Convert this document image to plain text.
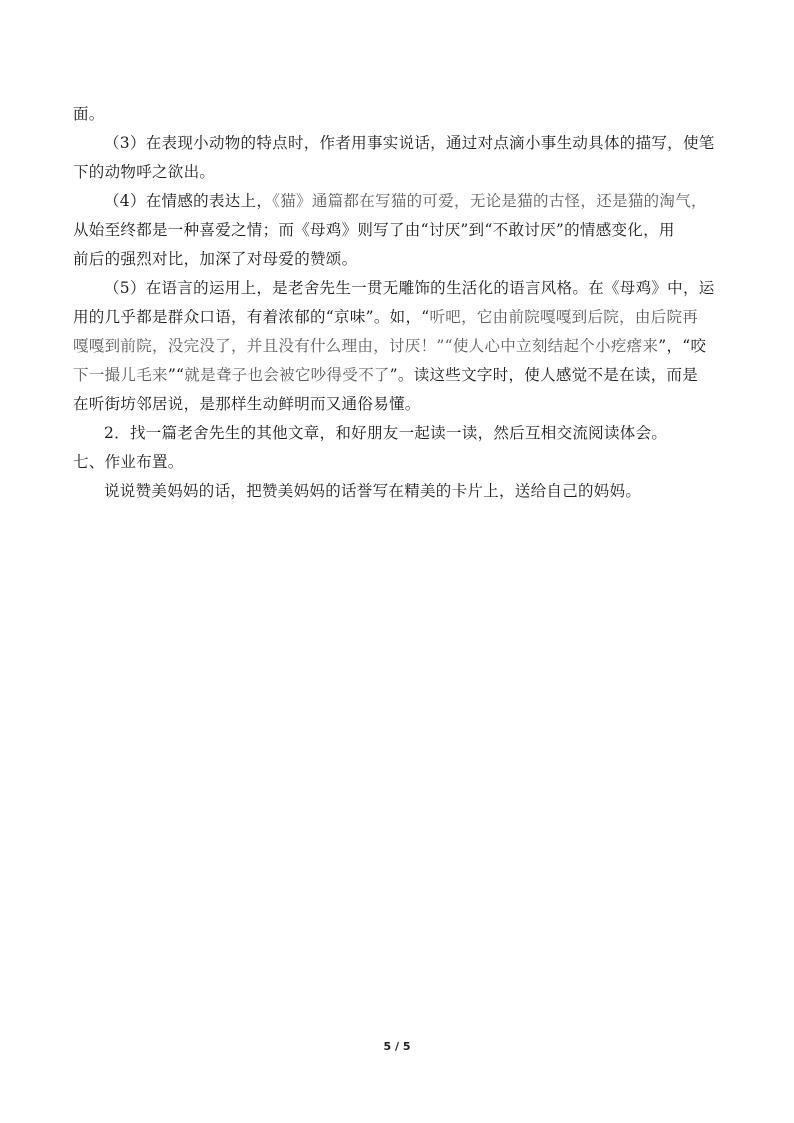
面。
（3）在表现小动物的特点时，作者用事实说话，通过对点滴小事生动具体的描写，使笔
下的动物呼之欲出。
（4）在情感的表达上，《猫》通篇都在写猫的可爱，无论是猫的古怪，还是猫的淘气，
从始至终都是一种喜爱之情；而《母鸡》则写了由“讨厌”到“不敢讨厌”的情感变化，用
前后的强烈对比，加深了对母爱的赞颂。
（5）在语言的运用上，是老舍先生一贯无雕饰的生活化的语言风格。在《母鸡》中，运
用的几乎都是群众口语，有着浓郁的“京味”。如，“听吧，它由前院嘎嘎到后院，由后院再
嘎嘎到前院，没完没了，并且没有什么理由，讨厌！”“使人心中立刻结起个小疙瘩来”，“咬
下一撮儿毛来”“就是聋子也会被它吵得受不了”。读这些文字时，使人感觉不是在读，而是
在听街坊邻居说，是那样生动鲜明而又通俗易懂。
2．找一篇老舍先生的其他文章，和好朋友一起读一读，然后互相交流阅读体会。
七、作业布置。
说说赞美妈妈的话，把赞美妈妈的话誉写在精美的卡片上，送给自己的妈妈。
5 / 5
